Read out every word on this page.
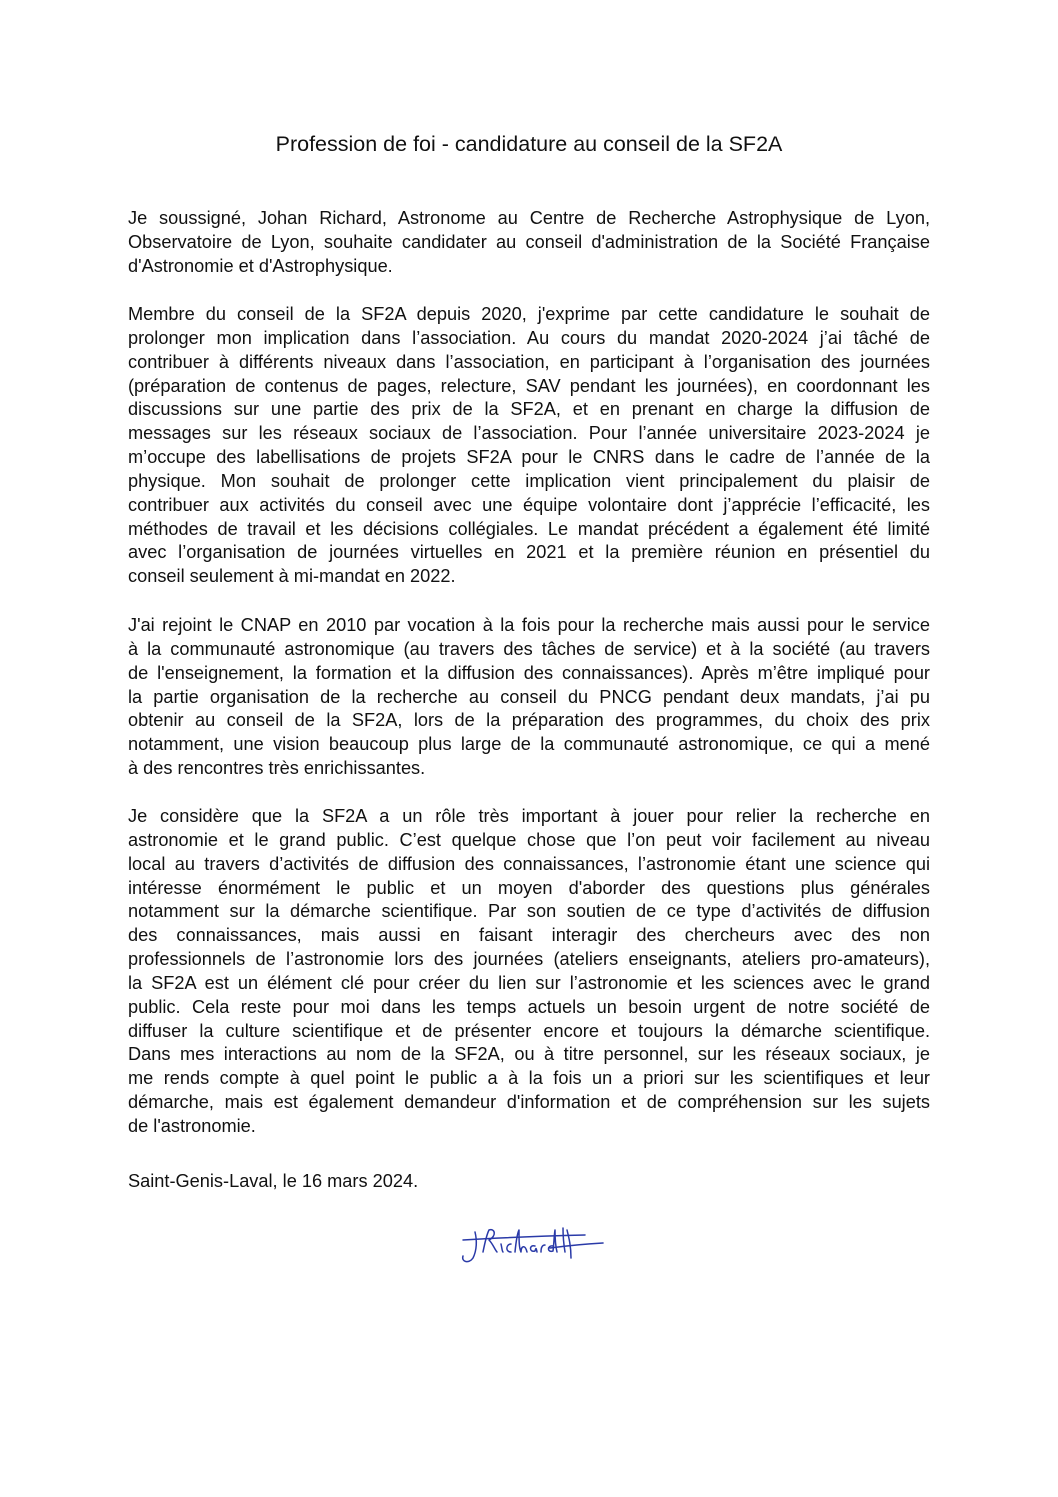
Profession de foi - candidature au conseil de la SF2A
Je soussigné, Johan Richard, Astronome au Centre de Recherche Astrophysique de Lyon,
Observatoire de Lyon, souhaite candidater au conseil d'administration de la Société Française
d'Astronomie et d'Astrophysique.
Membre du conseil de la SF2A depuis 2020, j'exprime par cette candidature le souhait de
prolonger mon implication dans l’association. Au cours du mandat 2020-2024 j’ai tâché de
contribuer à différents niveaux dans l’association, en participant à l’organisation des journées
(préparation de contenus de pages, relecture, SAV pendant les journées), en coordonnant les
discussions sur une partie des prix de la SF2A, et en prenant en charge la diffusion de
messages sur les réseaux sociaux de l’association. Pour l’année universitaire 2023-2024 je
m’occupe des labellisations de projets SF2A pour le CNRS dans le cadre de l’année de la
physique. Mon souhait de prolonger cette implication vient principalement du plaisir de
contribuer aux activités du conseil avec une équipe volontaire dont j’apprécie l’efficacité, les
méthodes de travail et les décisions collégiales. Le mandat précédent a également été limité
avec l’organisation de journées virtuelles en 2021 et la première réunion en présentiel du
conseil seulement à mi-mandat en 2022.
J'ai rejoint le CNAP en 2010 par vocation à la fois pour la recherche mais aussi pour le service
à la communauté astronomique (au travers des tâches de service) et à la société (au travers
de l'enseignement, la formation et la diffusion des connaissances). Après m’être impliqué pour
la partie organisation de la recherche au conseil du PNCG pendant deux mandats, j’ai pu
obtenir au conseil de la SF2A, lors de la préparation des programmes, du choix des prix
notamment, une vision beaucoup plus large de la communauté astronomique, ce qui a mené
à des rencontres très enrichissantes.
Je considère que la SF2A a un rôle très important à jouer pour relier la recherche en
astronomie et le grand public. C’est quelque chose que l’on peut voir facilement au niveau
local au travers d’activités de diffusion des connaissances, l’astronomie étant une science qui
intéresse énormément le public et un moyen d'aborder des questions plus générales
notamment sur la démarche scientifique. Par son soutien de ce type d’activités de diffusion
des connaissances, mais aussi en faisant interagir des chercheurs avec des non
professionnels de l’astronomie lors des journées (ateliers enseignants, ateliers pro-amateurs),
la SF2A est un élément clé pour créer du lien sur l’astronomie et les sciences avec le grand
public. Cela reste pour moi dans les temps actuels un besoin urgent de notre société de
diffuser la culture scientifique et de présenter encore et toujours la démarche scientifique.
Dans mes interactions au nom de la SF2A, ou à titre personnel, sur les réseaux sociaux, je
me rends compte à quel point le public a à la fois un a priori sur les scientifiques et leur
démarche, mais est également demandeur d'information et de compréhension sur les sujets
de l'astronomie.
Saint-Genis-Laval, le 16 mars 2024.
